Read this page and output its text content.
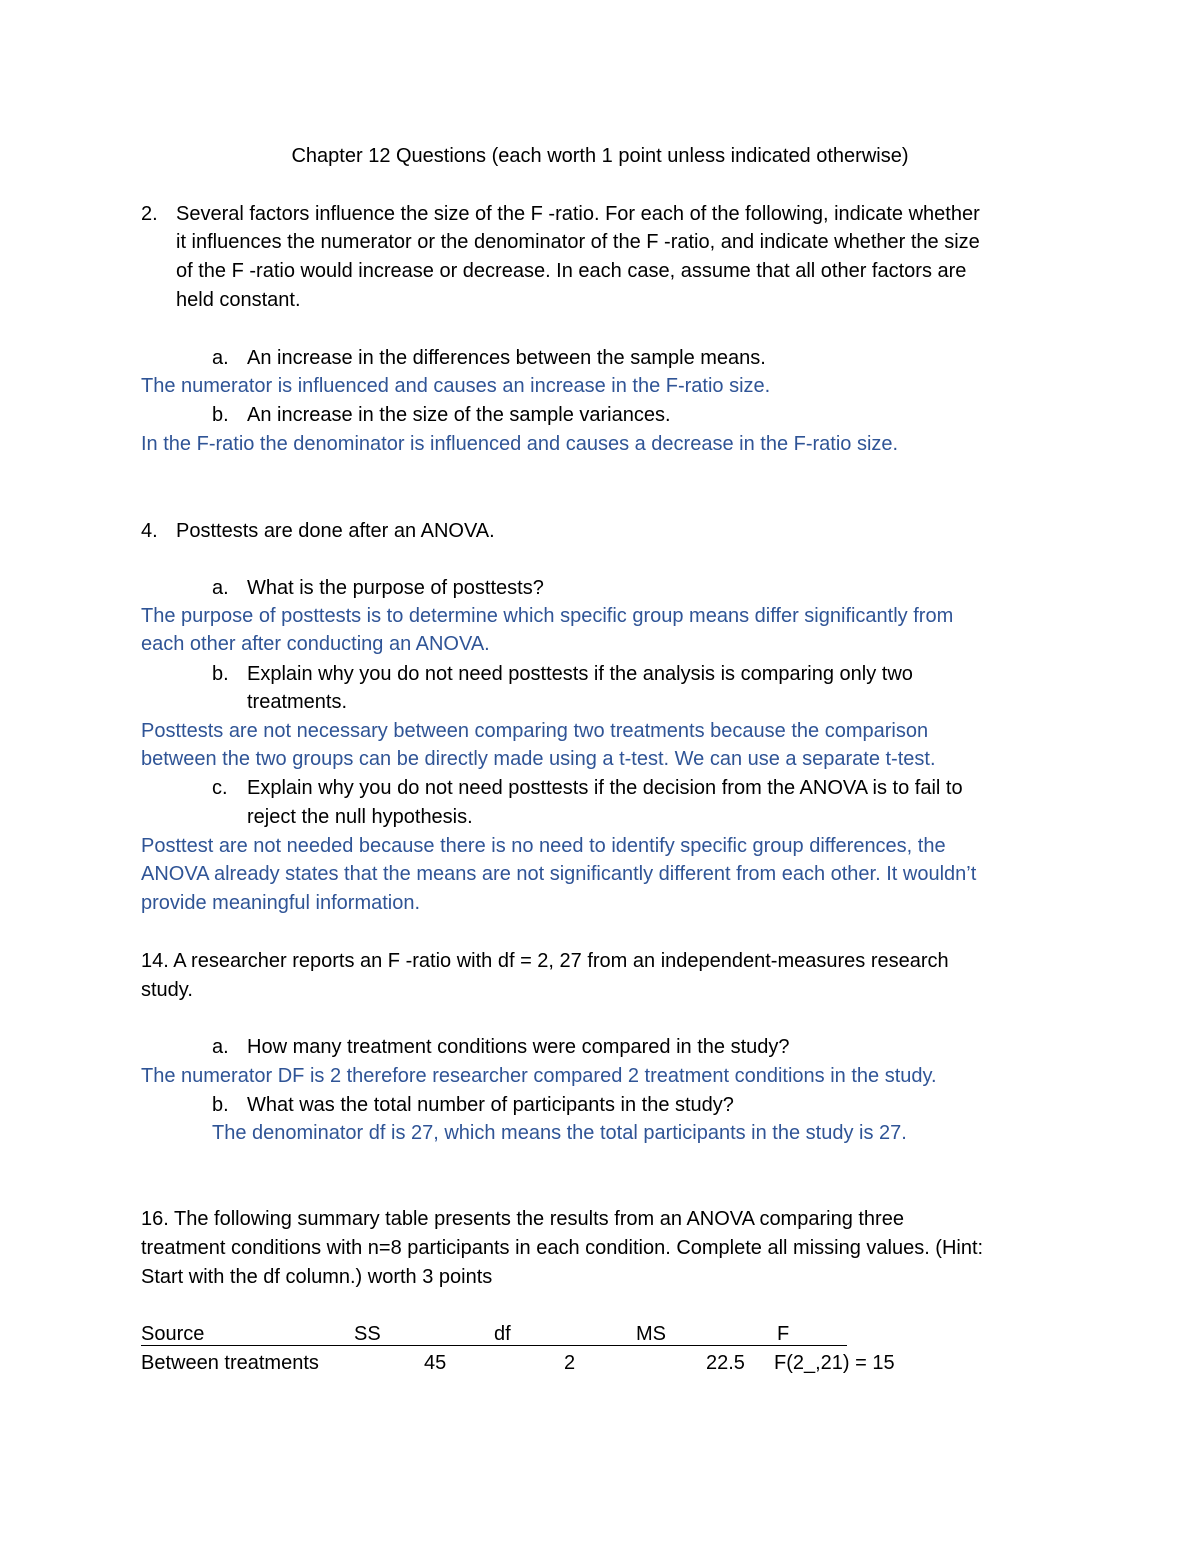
Chapter 12 Questions (each worth 1 point unless indicated otherwise)
2. Several factors influence the size of the F -ratio. For each of the following, indicate whether
it influences the numerator or the denominator of the F -ratio, and indicate whether the size
of the F -ratio would increase or decrease. In each case, assume that all other factors are
held constant.
a. An increase in the differences between the sample means.
The numerator is influenced and causes an increase in the F-ratio size.
b. An increase in the size of the sample variances.
In the F-ratio the denominator is influenced and causes a decrease in the F-ratio size.
4. Posttests are done after an ANOVA.
a. What is the purpose of posttests?
The purpose of posttests is to determine which specific group means differ significantly from
each other after conducting an ANOVA.
b. Explain why you do not need posttests if the analysis is comparing only two
treatments.
Posttests are not necessary between comparing two treatments because the comparison
between the two groups can be directly made using a t-test. We can use a separate t-test.
c. Explain why you do not need posttests if the decision from the ANOVA is to fail to
reject the null hypothesis.
Posttest are not needed because there is no need to identify specific group differences, the
ANOVA already states that the means are not significantly different from each other. It wouldn’t
provide meaningful information.
14. A researcher reports an F -ratio with df = 2, 27 from an independent-measures research
study.
a. How many treatment conditions were compared in the study?
The numerator DF is 2 therefore researcher compared 2 treatment conditions in the study.
b. What was the total number of participants in the study?
The denominator df is 27, which means the total participants in the study is 27.
16. The following summary table presents the results from an ANOVA comparing three
treatment conditions with n=8 participants in each condition. Complete all missing values. (Hint:
Start with the df column.) worth 3 points
Source	SS	df	MS	F
Between treatments	45	2	22.5 F(2_,21) = 15
